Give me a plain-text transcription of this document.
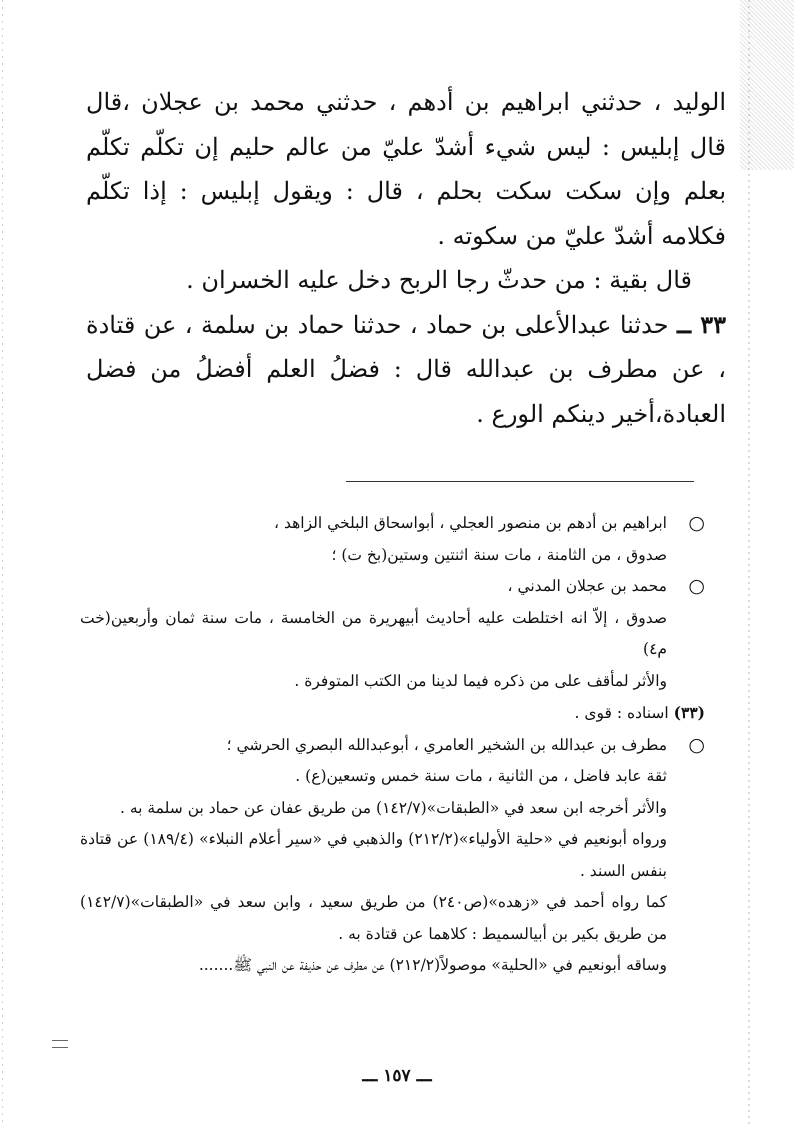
الوليد ، حدثني ابراهيم بن أدهم ، حدثني محمد بن عجلان ،قال قال إبليس : ليس شيء أشدّ عليّ من عالم حليم إن تكلّم تكلّم بعلم وإن سكت سكت بحلم ، قال : ويقول إبليس : إذا تكلّم فكلامه أشدّ عليّ من سكوته .

قال بقية : من حدثّ رجا الربح دخل عليه الخسران .

٣٣ ــ حدثنا عبدالأعلى بن حماد ، حدثنا حماد بن سلمة ، عن قتادة ، عن مطرف بن عبدالله قال : فضلُ العلم أفضلُ من فضل العبادة،أخير دينكم الورع .

○
ابراهيم بن أدهم بن منصور العجلي ، أبواسحاق البلخي الزاهد ،
صدوق ، من الثامنة ، مات سنة اثنتين وستين(بخ ت) ؛
○
محمد بن عجلان المدني ،
صدوق ، إلاّ انه اختلطت عليه أحاديث أبيهريرة من الخامسة ، مات سنة ثمان وأربعين(خت م٤)
والأثر لمأقف على من ذكره فيما لدينا من الكتب المتوفرة .
(٣٣) اسناده : قوى .
○
مطرف بن عبدالله بن الشخير العامري ، أبوعبدالله البصري الحرشي ؛
ثقة عابد فاضل ، من الثانية ، مات سنة خمس وتسعين(ع) .
والأثر أخرجه ابن سعد في «الطبقات»(١٤٢/٧) من طريق عفان عن حماد بن سلمة به .
ورواه أبونعيم في «حلية الأولياء»(٢١٢/٢) والذهبي في «سير أعلام النبلاء» (١٨٩/٤) عن قتادة بنفس السند .
كما رواه أحمد في «زهده»(ص٢٤٠) من طريق سعيد ، وابن سعد في «الطبقات»(١٤٢/٧) من طريق بكير بن أبيالسميط : كلاهما عن قتادة به .
وساقه أبونعيم في «الحلية» موصولاً(٢١٢/٢) عن مطرف عن حذيفة عن النبي ﷺ.......
ـــ ١٥٧ ـــ
